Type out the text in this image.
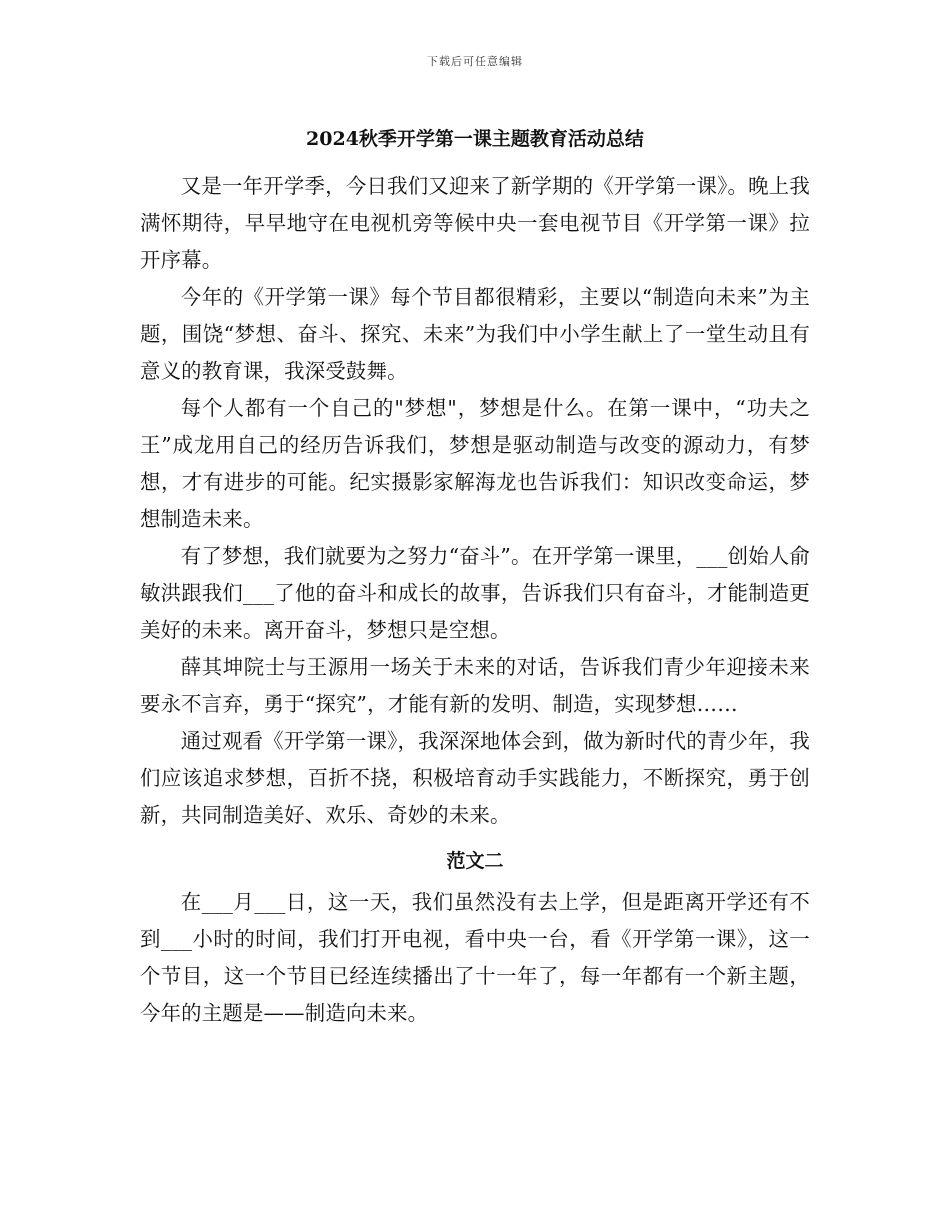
下载后可任意编辑
2024秋季开学第一课主题教育活动总结

又是一年开学季，今日我们又迎来了新学期的《开学第一课》。晚上我满怀期待，早早地守在电视机旁等候中央一套电视节目《开学第一课》拉开序幕。

今年的《开学第一课》每个节目都很精彩，主要以“制造向未来”为主题，围饶“梦想、奋斗、探究、未来”为我们中小学生献上了一堂生动且有意义的教育课，我深受鼓舞。

每个人都有一个自己的"梦想"，梦想是什么。在第一课中，“功夫之王”成龙用自己的经历告诉我们，梦想是驱动制造与改变的源动力，有梦想，才有进步的可能。纪实摄影家解海龙也告诉我们：知识改变命运，梦想制造未来。

有了梦想，我们就要为之努力“奋斗”。在开学第一课里，___创始人俞敏洪跟我们___了他的奋斗和成长的故事，告诉我们只有奋斗，才能制造更美好的未来。离开奋斗，梦想只是空想。

薛其坤院士与王源用一场关于未来的对话，告诉我们青少年迎接未来要永不言弃，勇于“探究”，才能有新的发明、制造，实现梦想……

通过观看《开学第一课》，我深深地体会到，做为新时代的青少年，我们应该追求梦想，百折不挠，积极培育动手实践能力，不断探究，勇于创新，共同制造美好、欢乐、奇妙的未来。

范文二

在___月___日，这一天，我们虽然没有去上学，但是距离开学还有不到___小时的时间，我们打开电视，看中央一台，看《开学第一课》，这一个节目，这一个节目已经连续播出了十一年了，每一年都有一个新主题，今年的主题是——制造向未来。
